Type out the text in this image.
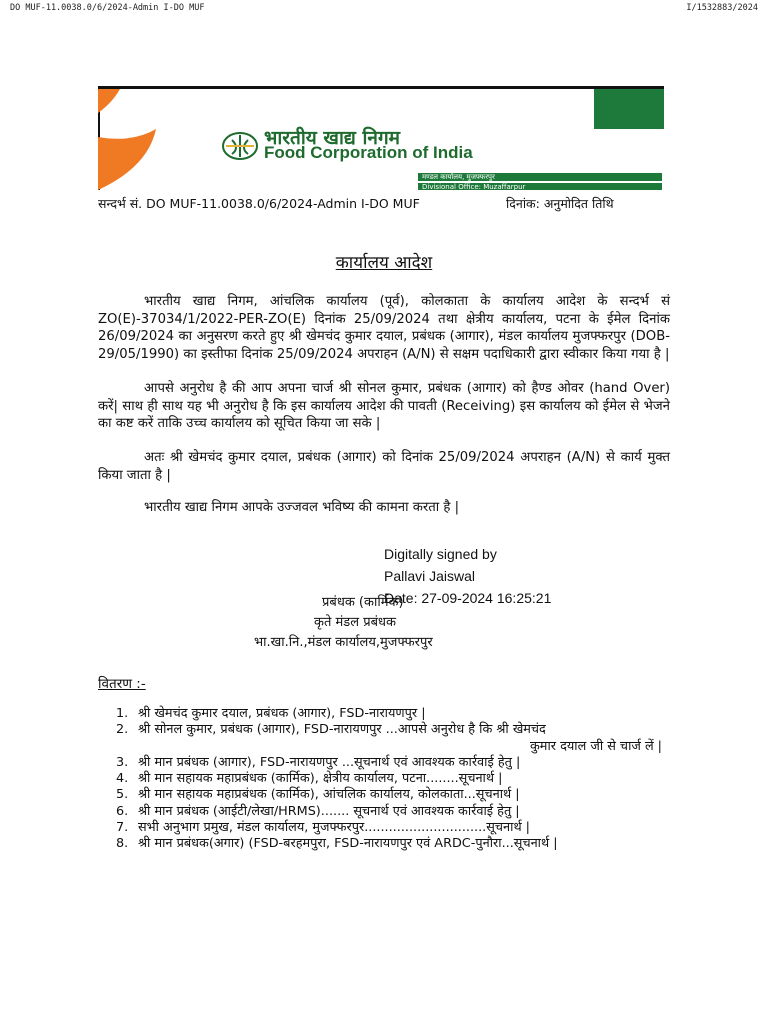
DO MUF-11.0038.0/6/2024-Admin I-DO MUF	I/1532883/2024
भारतीय खाद्य निगम
Food Corporation of India
मण्डल कार्यालय, मुजफ्फरपुर
Divisional Office: Muzaffarpur
सन्दर्भ सं. DO MUF-11.0038.0/6/2024-Admin I-DO MUF	दिनांक: अनुमोदित तिथि
कार्यालय आदेश
भारतीय खाद्य निगम, आंचलिक कार्यालय (पूर्व), कोलकाता के कार्यालय आदेश के सन्दर्भ सं ZO(E)-37034/1/2022-PER-ZO(E) दिनांक 25/09/2024 तथा क्षेत्रीय कार्यालय, पटना के ईमेल दिनांक 26/09/2024 का अनुसरण करते हुए श्री खेमचंद कुमार दयाल, प्रबंधक (आगार), मंडल कार्यालय मुजफ्फरपुर (DOB-29/05/1990) का इस्तीफा दिनांक 25/09/2024 अपराहन (A/N) से सक्षम पदाधिकारी द्वारा स्वीकार किया गया है |
आपसे अनुरोध है की आप अपना चार्ज श्री सोनल कुमार, प्रबंधक (आगार) को हैण्ड ओवर (hand Over) करें| साथ ही साथ यह भी अनुरोध है कि इस कार्यालय आदेश की पावती (Receiving) इस कार्यालय को ईमेल से भेजने का कष्ट करें ताकि उच्च कार्यालय को सूचित किया जा सके |
अतः श्री खेमचंद कुमार दयाल, प्रबंधक (आगार) को दिनांक 25/09/2024 अपराहन (A/N) से कार्य मुक्त किया जाता है |
भारतीय खाद्य निगम आपके उज्जवल भविष्य की कामना करता है |
Digitally signed by
Pallavi Jaiswal
प्रबंधक (कार्मिक)
Date: 27-09-2024 16:25:21
कृते मंडल प्रबंधक
भा.खा.नि.,मंडल कार्यालय,मुजफ्फरपुर
वितरण :-
1. श्री खेमचंद कुमार दयाल, प्रबंधक (आगार), FSD-नारायणपुर |
2. श्री सोनल कुमार, प्रबंधक (आगार), FSD-नारायणपुर ...आपसे अनुरोध है कि श्री खेमचंद
कुमार दयाल जी से चार्ज लें |
3. श्री मान प्रबंधक (आगार), FSD-नारायणपुर ...सूचनार्थ एवं आवश्यक कार्रवाई हेतु |
4. श्री मान सहायक महाप्रबंधक (कार्मिक), क्षेत्रीय कार्यालय, पटना........सूचनार्थ |
5. श्री मान सहायक महाप्रबंधक (कार्मिक), आंचलिक कार्यालय, कोलकाता...सूचनार्थ |
6. श्री मान प्रबंधक (आईटी/लेखा/HRMS)....... सूचनार्थ एवं आवश्यक कार्रवाई हेतु |
7. सभी अनुभाग प्रमुख, मंडल कार्यालय, मुजफ्फरपुर..............................सूचनार्थ |
8. श्री मान प्रबंधक(अगार) (FSD-बरहमपुरा, FSD-नारायणपुर एवं ARDC-पुनौरा...सूचनार्थ |
